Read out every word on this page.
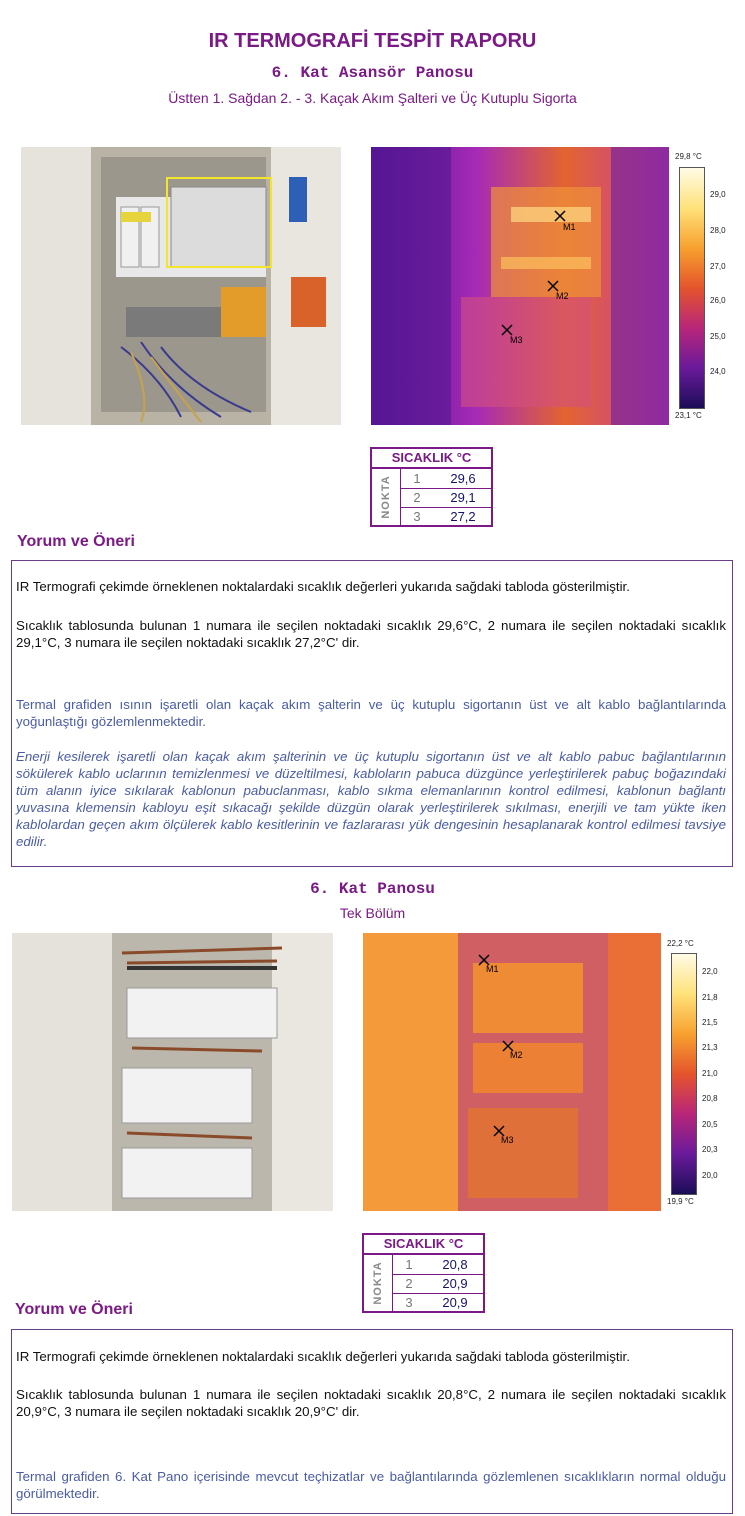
IR TERMOGRAFİ TESPİT RAPORU
6. Kat Asansör Panosu
Üstten 1. Sağdan 2. - 3. Kaçak Akım Şalteri ve Üç Kutuplu Sigorta
M1
M2
M3
29,8 °C
29,0
28,0
27,0
26,0
25,0
24,0
23,1 °C
SICAKLIK °C
NOKTA	1	29,6
2	29,1
3	27,2
Yorum ve Öneri

IR Termografi çekimde örneklenen noktalardaki sıcaklık değerleri yukarıda sağdaki tabloda gösterilmiştir.

Sıcaklık tablosunda bulunan 1 numara ile seçilen noktadaki sıcaklık 29,6°C, 2 numara ile seçilen noktadaki sıcaklık 29,1°C, 3 numara ile seçilen noktadaki sıcaklık 27,2°C' dir.

Termal grafiden ısının işaretli olan kaçak akım şalterin ve üç kutuplu sigortanın üst ve alt kablo bağlantılarında yoğunlaştığı gözlemlenmektedir.

Enerji kesilerek işaretli olan kaçak akım şalterinin ve üç kutuplu sigortanın üst ve alt kablo pabuc bağlantılarının sökülerek kablo uclarının temizlenmesi ve düzeltilmesi, kabloların pabuca düzgünce yerleştirilerek pabuç boğazındaki tüm alanın iyice sıkılarak kablonun pabuclanması, kablo sıkma elemanlarının kontrol edilmesi, kablonun bağlantı yuvasına klemensin kabloyu eşit sıkacağı şekilde düzgün olarak yerleştirilerek sıkılması, enerjili ve tam yükte iken kablolardan geçen akım ölçülerek kablo kesitlerinin ve fazlararası yük dengesinin hesaplanarak kontrol edilmesi tavsiye edilir.

6. Kat Panosu
Tek Bölüm
M1
M2
M3
22,2 °C
22,0
21,8
21,5
21,3
21,0
20,8
20,5
20,3
20,0
19,9 °C
SICAKLIK °C
NOKTA	1	20,8
2	20,9
3	20,9
Yorum ve Öneri

IR Termografi çekimde örneklenen noktalardaki sıcaklık değerleri yukarıda sağdaki tabloda gösterilmiştir.

Sıcaklık tablosunda bulunan 1 numara ile seçilen noktadaki sıcaklık 20,8°C, 2 numara ile seçilen noktadaki sıcaklık 20,9°C, 3 numara ile seçilen noktadaki sıcaklık 20,9°C' dir.

Termal grafiden 6. Kat Pano içerisinde mevcut teçhizatlar ve bağlantılarında gözlemlenen sıcaklıkların normal olduğu görülmektedir.
